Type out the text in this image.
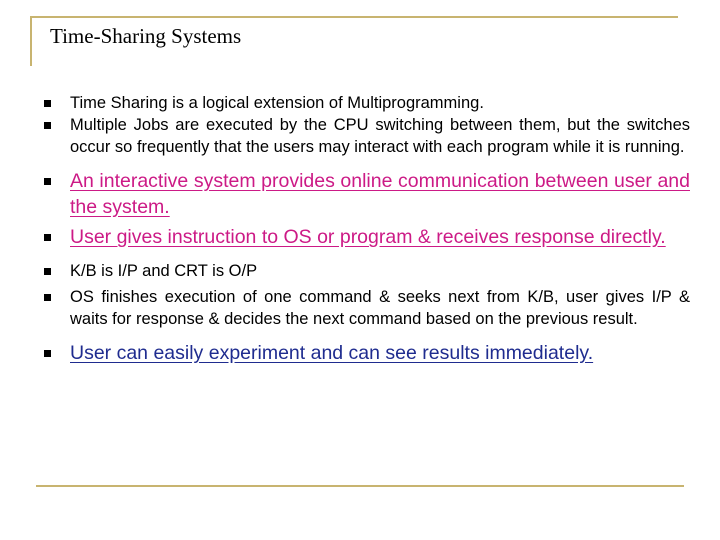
Time-Sharing Systems
Time Sharing is a logical extension of Multiprogramming.
Multiple Jobs are executed by the CPU switching between them, but the switches occur so frequently that the users may interact with each program while it is running.
An interactive system provides online communication between user and the system.
User gives instruction to OS or program & receives response directly.
K/B is I/P and CRT is O/P
OS finishes execution of one command & seeks next from K/B, user gives I/P & waits for response & decides the next command based on the previous result.
User can easily experiment and can see results immediately.
